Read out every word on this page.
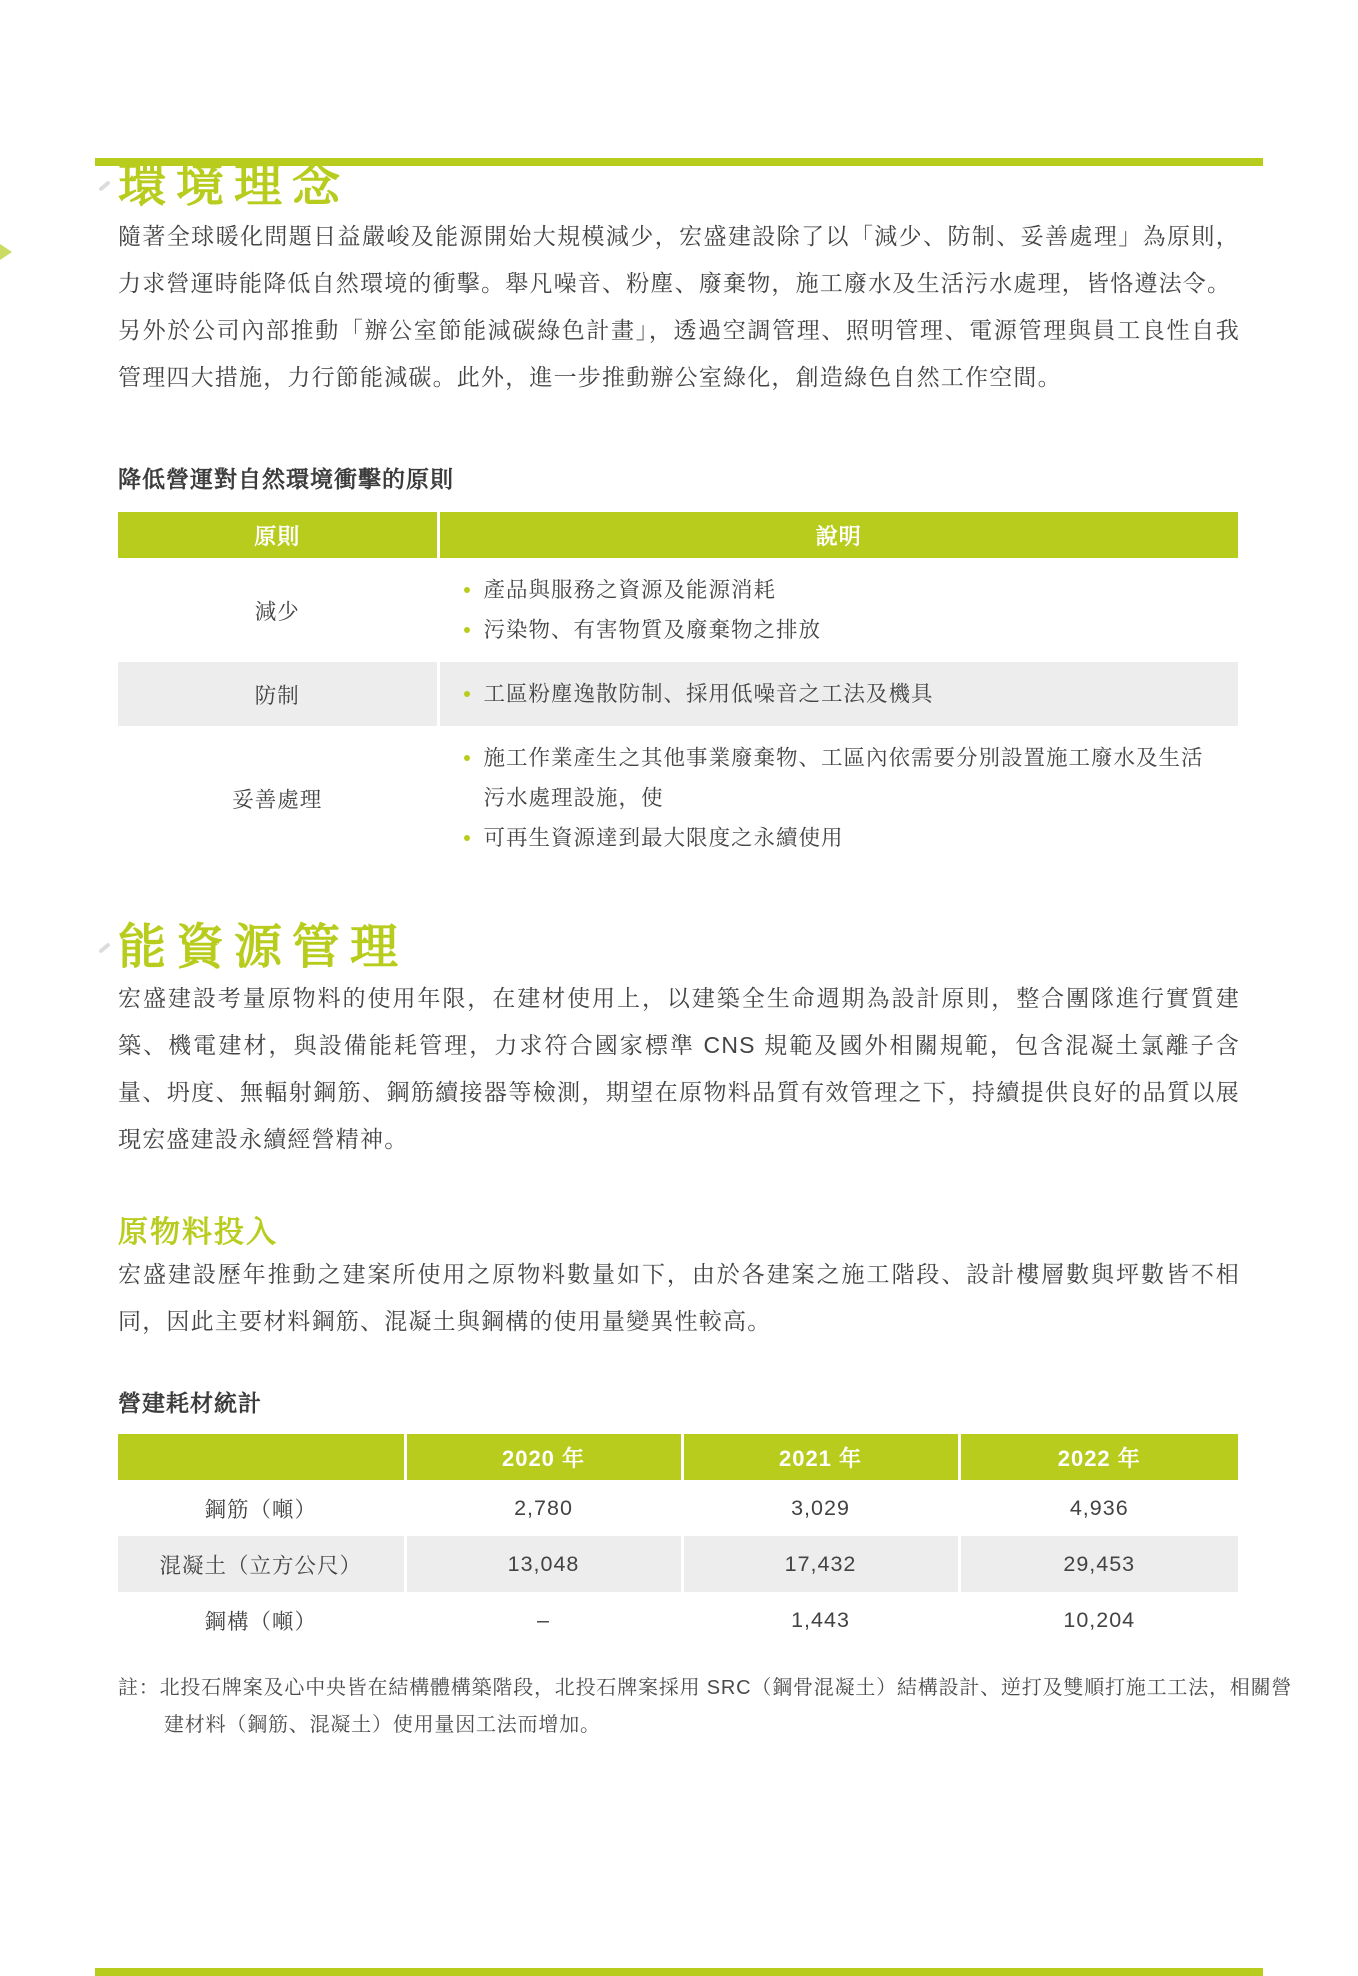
環境理念

隨著全球暖化問題日益嚴峻及能源開始大規模減少，宏盛建設除了以「減少、防制、妥善處理」為原則，力求營運時能降低自然環境的衝擊。舉凡噪音、粉塵、廢棄物，施工廢水及生活污水處理，皆恪遵法令。

另外於公司內部推動「辦公室節能減碳綠色計畫」，透過空調管理、照明管理、電源管理與員工良性自我管理四大措施，力行節能減碳。此外，進一步推動辦公室綠化，創造綠色自然工作空間。

降低營運對自然環境衝擊的原則
原則	說明
減少	產品與服務之資源及能源消耗
污染物、有害物質及廢棄物之排放

防制	工區粉塵逸散防制、採用低噪音之工法及機具

妥善處理	施工作業產生之其他事業廢棄物、工區內依需要分別設置施工廢水及生活污水處理設施，使
可再生資源達到最大限度之永續使用
能資源管理

宏盛建設考量原物料的使用年限，在建材使用上，以建築全生命週期為設計原則，整合團隊進行實質建築、機電建材，與設備能耗管理，力求符合國家標準 CNS 規範及國外相關規範，包含混凝土氯離子含量、坍度、無輻射鋼筋、鋼筋續接器等檢測，期望在原物料品質有效管理之下，持續提供良好的品質以展現宏盛建設永續經營精神。

原物料投入

宏盛建設歷年推動之建案所使用之原物料數量如下，由於各建案之施工階段、設計樓層數與坪數皆不相同，因此主要材料鋼筋、混凝土與鋼構的使用量變異性較高。

營建耗材統計
	2020 年	2021 年	2022 年
鋼筋（噸）	2,780	3,029	4,936
混凝土（立方公尺）	13,048	17,432	29,453
鋼構（噸）	–	1,443	10,204
註：北投石牌案及心中央皆在結構體構築階段，北投石牌案採用 SRC（鋼骨混凝土）結構設計、逆打及雙順打施工工法，相關營
建材料（鋼筋、混凝土）使用量因工法而增加。
